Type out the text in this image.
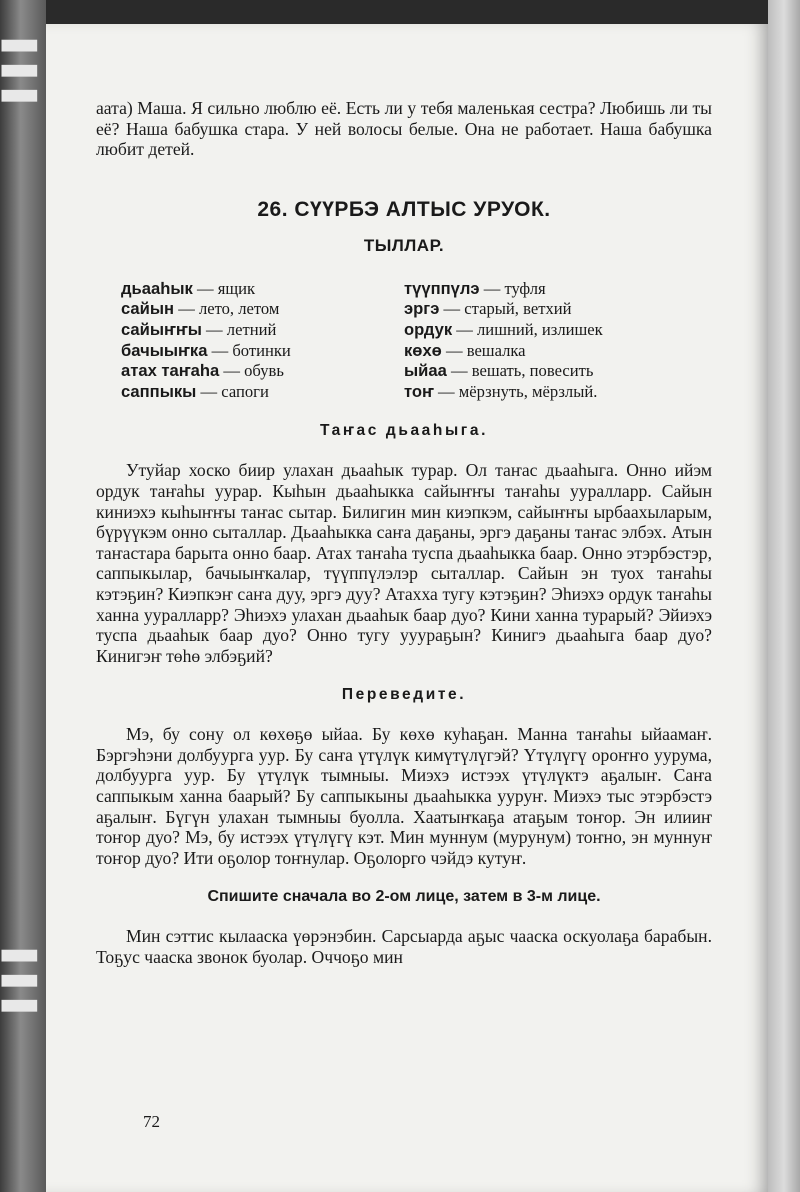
▌▌▌
▌▌▌

аата) Маша. Я сильно люблю её. Есть ли у тебя маленькая сестра? Любишь ли ты её? Наша бабушка стара. У ней волосы белые. Она не работает. Наша бабушка любит детей.

26. СҮҮРБЭ АЛТЫС УРУОК.
ТЫЛЛАР.
дьааһык — ящик
сайын — лето, летом
сайыҥҥы — летний
бачыыҥка — ботинки
атах таҥаһа — обувь
саппыкы — сапоги
түүппүлэ — туфля
эргэ — старый, ветхий
ордук — лишний, излишек
көхө — вешалка
ыйаа — вешать, повесить
тоҥ — мёрзнуть, мёрзлый.
Таҥас дьааһыга.

Утуйар хоско биир улахан дьааһык турар. Ол таҥас дьааһыга. Онно ийэм ордук таҥаһы уурар. Кыһын дьааһыкка сайыҥҥы таҥаһы ууралларр. Сайын киниэхэ кыһыҥҥы таҥас сытар. Билигин мин киэпкэм, сайыҥҥы ырбаахыларым, бүрүүкэм онно сыталлар. Дьааһыкка саҥа даҕаны, эргэ даҕаны таҥас элбэх. Атын таҥастара барыта онно баар. Атах таҥаһа туспа дьааһыкка баар. Онно этэрбэстэр, саппыкылар, бачыыҥкалар, түүппүлэлэр сыталлар. Сайын эн туох таҥаһы кэтэҕин? Киэпкэҥ саҥа дуу, эргэ дуу? Атахха тугу кэтэҕин? Эһиэхэ ордук таҥаһы ханна ууралларр? Эһиэхэ улахан дьааһык баар дуо? Кини ханна турарый? Эйиэхэ туспа дьааһык баар дуо? Онно тугу ууураҕын? Кинигэ дьааһыга баар дуо? Кинигэҥ төһө элбэҕий?

Переведите.

Мэ, бу сону ол көхөҕө ыйаа. Бу көхө куһаҕан. Манна таҥаһы ыйаамаҥ. Бэргэһэни долбуурга уур. Бу саҥа үтүлүк кимүтүлүгэй? Үтүлүгү ороҥҥо уурума, долбуурга уур. Бу үтүлүк тымныы. Миэхэ истээх үтүлүктэ аҕалыҥ. Саҥа саппыкым ханна баарый? Бу саппыкыны дьааһыкка ууруҥ. Миэхэ тыс этэрбэстэ аҕалыҥ. Бүгүн улахан тымныы буолла. Хаатыҥкаҕа атаҕым тоҥор. Эн илииҥ тоҥор дуо? Мэ, бу истээх үтүлүгү кэт. Мин муннум (мурунум) тоҥно, эн муннуҥ тоҥор дуо? Ити оҕолор тоҥнулар. Оҕолорго чэйдэ кутуҥ.

Спишите сначала во 2-ом лице, затем в 3-м лице.

Мин сэттис кылааска үөрэнэбин. Сарсыарда аҕыс чааска оскуолаҕа барабын. Тоҕус чааска звонок буолар. Оччоҕо мин

72
